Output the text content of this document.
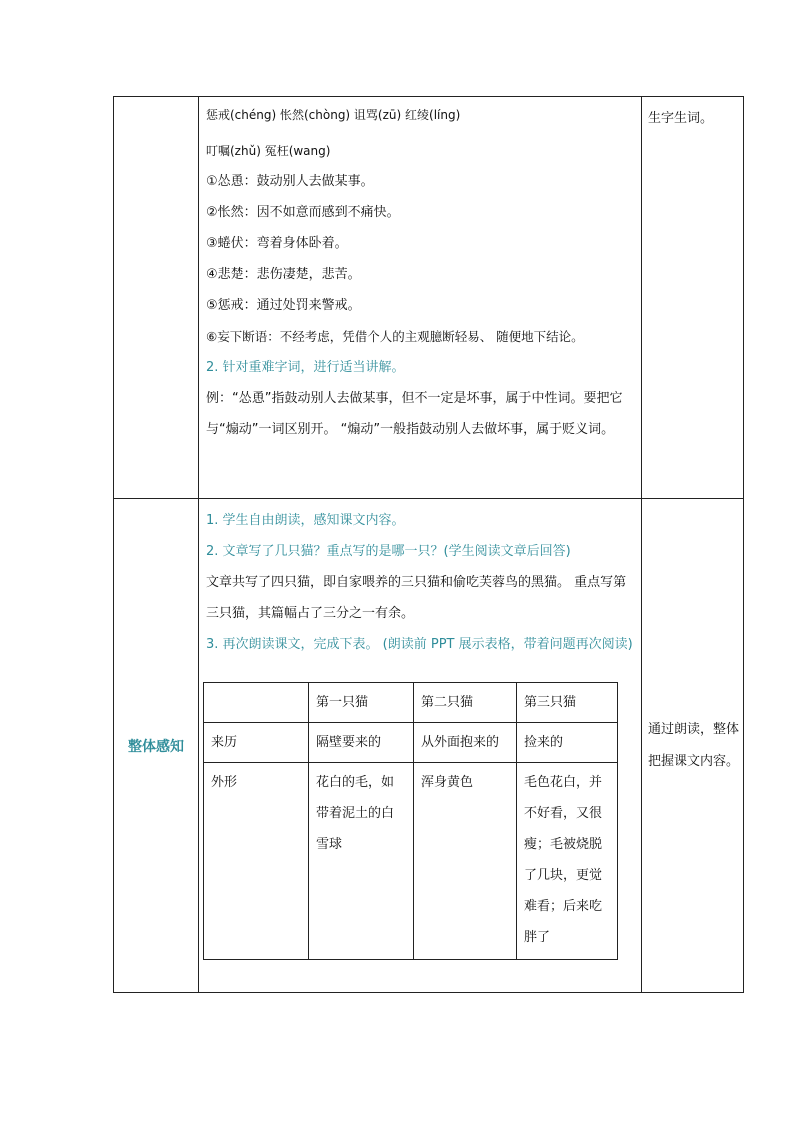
惩戒(chéng) 怅然(chòng) 诅骂(zū) 红绫(líng)
叮嘱(zhǔ) 冤枉(wang)
①怂恿：鼓动别人去做某事。
②怅然：因不如意而感到不痛快。
③蜷伏：弯着身体卧着。
④悲楚：悲伤凄楚，悲苦。
⑤惩戒：通过处罚来警戒。
⑥妄下断语：不经考虑，凭借个人的主观臆断轻易、 随便地下结论。
2. 针对重难字词，进行适当讲解。
例：“怂恿”指鼓动别人去做某事，但不一定是坏事，属于中性词。要把它与“煽动”一词区别开。 “煽动”一般指鼓动别人去做坏事，属于贬义词。
	生字生词。
整体感知	
1. 学生自由朗读，感知课文内容。
2. 文章写了几只猫？重点写的是哪一只？(学生阅读文章后回答)
文章共写了四只猫，即自家喂养的三只猫和偷吃芙蓉鸟的黑猫。 重点写第三只猫，其篇幅占了三分之一有余。
3. 再次朗读课文，完成下表。 (朗读前 PPT 展示表格，带着问题再次阅读)
	第一只猫	第二只猫	第三只猫
来历	隔壁要来的	从外面抱来的	捡来的
外形	花白的毛，如带着泥土的白雪球	浑身黄色	毛色花白，并不好看，又很瘦；毛被烧脱了几块，更觉难看；后来吃胖了
	通过朗读，整体把握课文内容。
